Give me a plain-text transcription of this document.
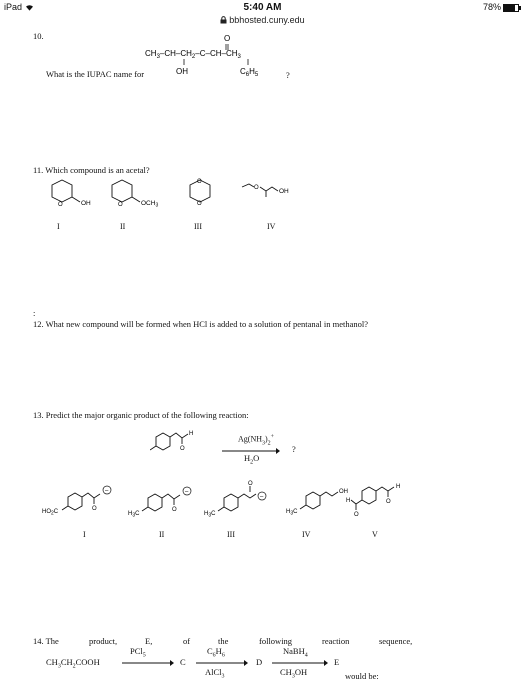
iPad	5:40 AM
bbhosted.cuny.edu
78%
10.
$CH_3-CH-CH_2-C-CH-CH_3$
O
OH	$C_6H_5$
What is the IUPAC name for	?
11. Which compound is an acetal?
O	OH	O	$OCH_3$
O
O
O	OH
I	II	III	IV
:
12. What new compound will be formed when HCl is added to a solution of pentanal in methanol?
13. Predict the major organic product of the following reaction:
O
H
$Ag(NH_3)_2^+$
$H_2O$
?
$HO_2C$	O
–
$H_3C$
O
–
$H_3C$
O
–
$H_3C$
OH
H
O
H
O
I	II	III	IV	V
14. The	product,	E,	of	the	following	reaction	sequence,
$CH_3CH_2COOH$
PCl$_5$
C
$C_6H_6$
AlCl$_3$
D
NaBH$_4$
$CH_3OH$
E
would be:
